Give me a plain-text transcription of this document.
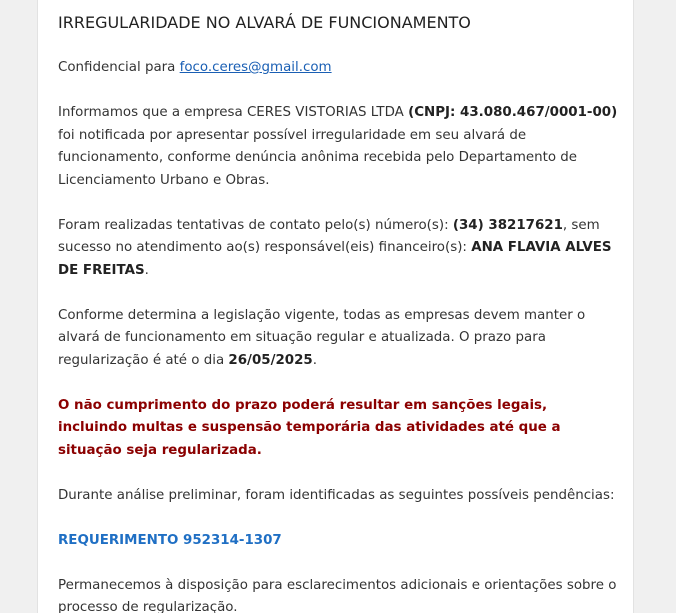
IRREGULARIDADE NO ALVARÁ DE FUNCIONAMENTO

Confidencial para foco.ceres@gmail.com

Informamos que a empresa CERES VISTORIAS LTDA (CNPJ: 43.080.467/0001-00) foi notificada por apresentar possível irregularidade em seu alvará de funcionamento, conforme denúncia anônima recebida pelo Departamento de Licenciamento Urbano e Obras.

Foram realizadas tentativas de contato pelo(s) número(s): (34) 38217621, sem sucesso no atendimento ao(s) responsável(eis) financeiro(s): ANA FLAVIA ALVES DE FREITAS.

Conforme determina a legislação vigente, todas as empresas devem manter o alvará de funcionamento em situação regular e atualizada. O prazo para regularização é até o dia 26/05/2025.

O não cumprimento do prazo poderá resultar em sanções legais, incluindo multas e suspensão temporária das atividades até que a situação seja regularizada.

Durante análise preliminar, foram identificadas as seguintes possíveis pendências:

REQUERIMENTO 952314-1307

Permanecemos à disposição para esclarecimentos adicionais e orientações sobre o processo de regularização.
